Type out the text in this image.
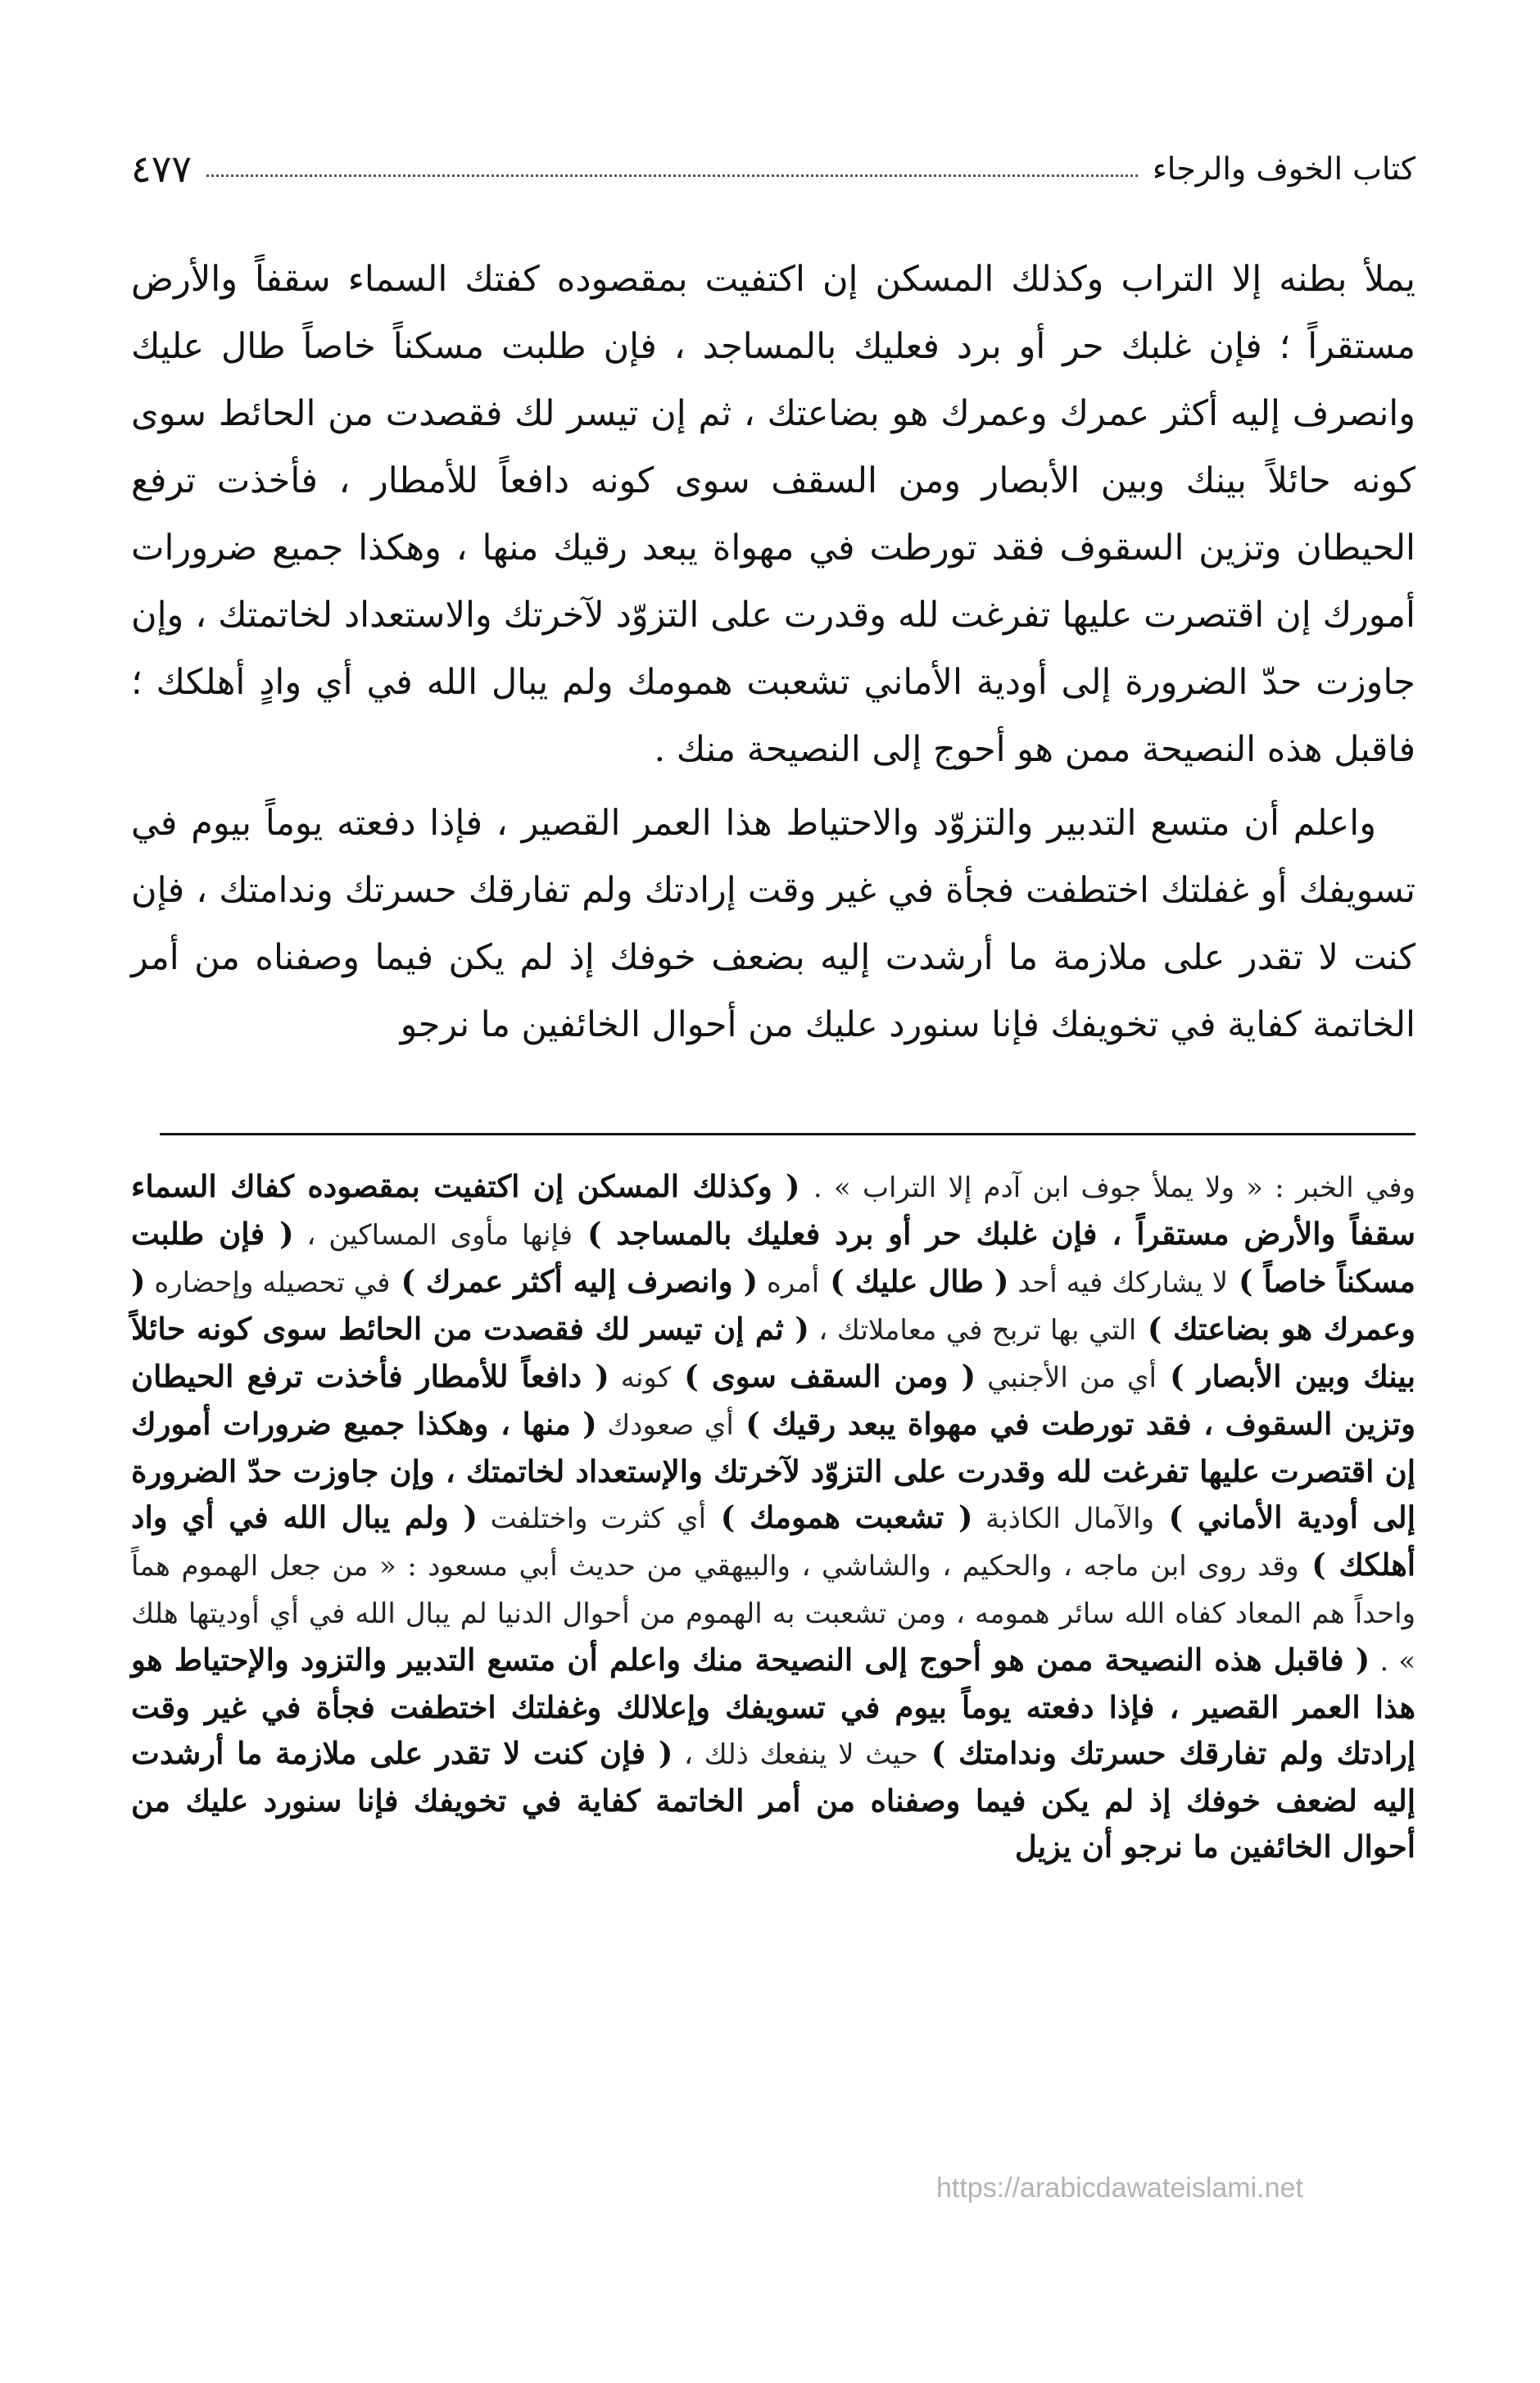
كتاب الخوف والرجاء
٤٧٧

يملأ بطنه إلا التراب وكذلك المسكن إن اكتفيت بمقصوده كفتك السماء سقفاً والأرض مستقراً ؛ فإن غلبك حر أو برد فعليك بالمساجد ، فإن طلبت مسكناً خاصاً طال عليك وانصرف إليه أكثر عمرك وعمرك هو بضاعتك ، ثم إن تيسر لك فقصدت من الحائط سوى كونه حائلاً بينك وبين الأبصار ومن السقف سوى كونه دافعاً للأمطار ، فأخذت ترفع الحيطان وتزين السقوف فقد تورطت في مهواة يبعد رقيك منها ، وهكذا جميع ضرورات أمورك إن اقتصرت عليها تفرغت لله وقدرت على التزوّد لآخرتك والاستعداد لخاتمتك ، وإن جاوزت حدّ الضرورة إلى أودية الأماني تشعبت همومك ولم يبال الله في أي وادٍ أهلكك ؛ فاقبل هذه النصيحة ممن هو أحوج إلى النصيحة منك .

واعلم أن متسع التدبير والتزوّد والاحتياط هذا العمر القصير ، فإذا دفعته يوماً بيوم في تسويفك أو غفلتك اختطفت فجأة في غير وقت إرادتك ولم تفارقك حسرتك وندامتك ، فإن كنت لا تقدر على ملازمة ما أرشدت إليه بضعف خوفك إذ لم يكن فيما وصفناه من أمر الخاتمة كفاية في تخويفك فإنا سنورد عليك من أحوال الخائفين ما نرجو

وفي الخبر : « ولا يملأ جوف ابن آدم إلا التراب » . ( وكذلك المسكن إن اكتفيت بمقصوده كفاك السماء سقفاً والأرض مستقراً ، فإن غلبك حر أو برد فعليك بالمساجد ) فإنها مأوى المساكين ، ( فإن طلبت مسكناً خاصاً ) لا يشاركك فيه أحد ( طال عليك ) أمره ( وانصرف إليه أكثر عمرك ) في تحصيله وإحضاره ( وعمرك هو بضاعتك ) التي بها تربح في معاملاتك ، ( ثم إن تيسر لك فقصدت من الحائط سوى كونه حائلاً بينك وبين الأبصار ) أي من الأجنبي ( ومن السقف سوى ) كونه ( دافعاً للأمطار فأخذت ترفع الحيطان وتزين السقوف ، فقد تورطت في مهواة يبعد رقيك ) أي صعودك ( منها ، وهكذا جميع ضرورات أمورك إن اقتصرت عليها تفرغت لله وقدرت على التزوّد لآخرتك والإستعداد لخاتمتك ، وإن جاوزت حدّ الضرورة إلى أودية الأماني ) والآمال الكاذبة ( تشعبت همومك ) أي كثرت واختلفت ( ولم يبال الله في أي واد أهلكك ) وقد روى ابن ماجه ، والحكيم ، والشاشي ، والبيهقي من حديث أبي مسعود : « من جعل الهموم هماً واحداً هم المعاد كفاه الله سائر همومه ، ومن تشعبت به الهموم من أحوال الدنيا لم يبال الله في أي أوديتها هلك » . ( فاقبل هذه النصيحة ممن هو أحوج إلى النصيحة منك واعلم أن متسع التدبير والتزود والإحتياط هو هذا العمر القصير ، فإذا دفعته يوماً بيوم في تسويفك وإعلالك وغفلتك اختطفت فجأة في غير وقت إرادتك ولم تفارقك حسرتك وندامتك ) حيث لا ينفعك ذلك ، ( فإن كنت لا تقدر على ملازمة ما أرشدت إليه لضعف خوفك إذ لم يكن فيما وصفناه من أمر الخاتمة كفاية في تخويفك فإنا سنورد عليك من أحوال الخائفين ما نرجو أن يزيل

https://arabicdawateislami.net
